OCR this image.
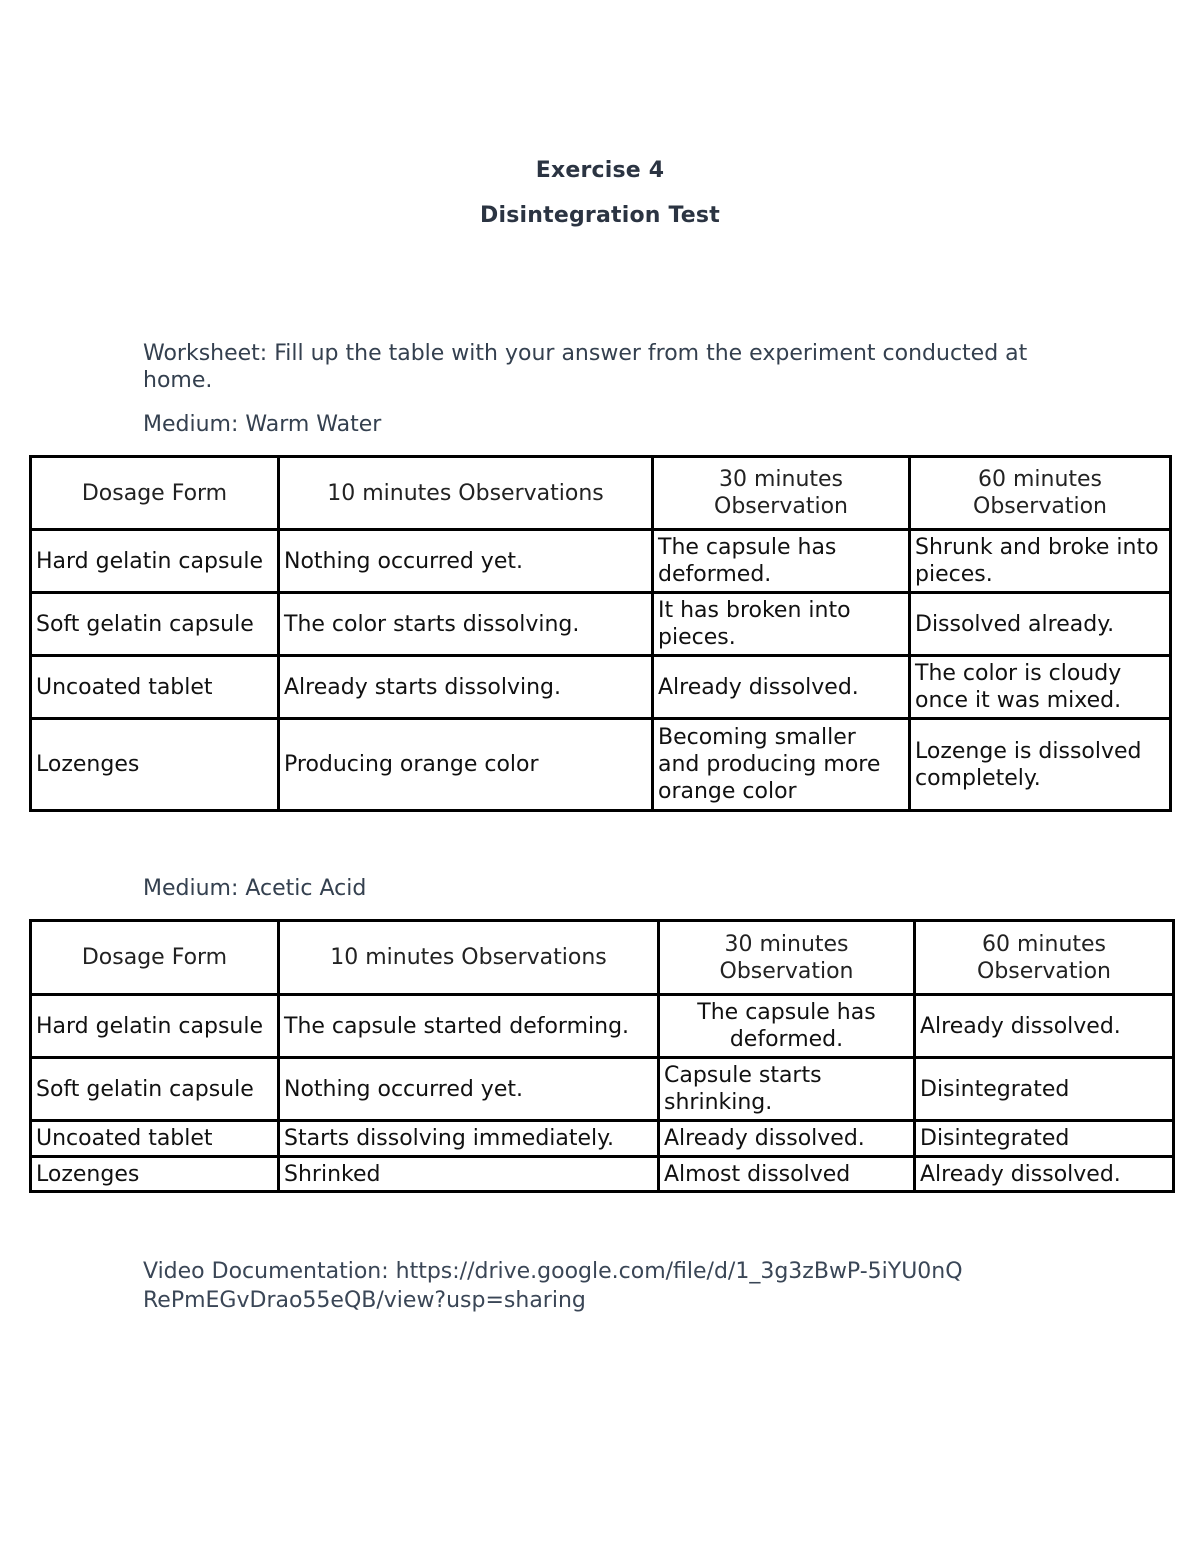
Exercise 4
Disintegration Test
Worksheet: Fill up the table with your answer from the experiment conducted at home.
Medium: Warm Water
Dosage Form	10 minutes Observations	30 minutes Observation	60 minutes Observation
Hard gelatin capsule	Nothing occurred yet.	The capsule has deformed.	Shrunk and broke into pieces.
Soft gelatin capsule	The color starts dissolving.	It has broken into pieces.	Dissolved already.
Uncoated tablet	Already starts dissolving.	Already dissolved.	The color is cloudy once it was mixed.
Lozenges	Producing orange color	Becoming smaller and producing more orange color	Lozenge is dissolved completely.
Medium: Acetic Acid
Dosage Form	10 minutes Observations	30 minutes Observation	60 minutes Observation
Hard gelatin capsule	The capsule started deforming.	The capsule has deformed.	Already dissolved.
Soft gelatin capsule	Nothing occurred yet.	Capsule starts shrinking.	Disintegrated
Uncoated tablet	Starts dissolving immediately.	Already dissolved.	Disintegrated
Lozenges	Shrinked	Almost dissolved	Already dissolved.
Video Documentation: https://drive.google.com/file/d/1_3g3zBwP-5iYU0nQRePmEGvDrao55eQB/view?usp=sharing
